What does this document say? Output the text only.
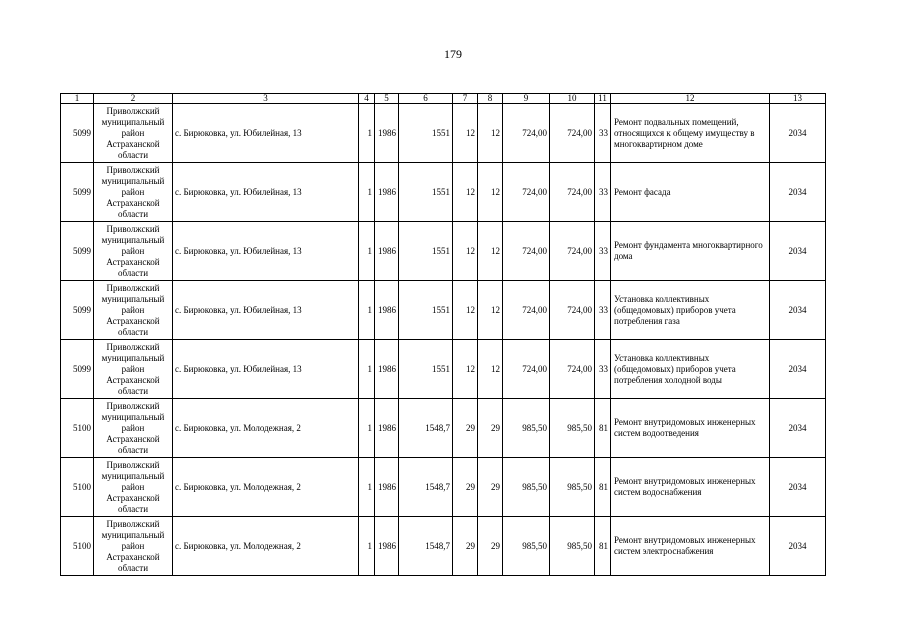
179
1	2	3	4	5	6	7	8	9	10	11	12	13
5099	Приволжский муниципальный район Астраханской области	с. Бирюковка, ул. Юбилейная, 13	1	1986	1551	12	12	724,00	724,00	33	Ремонт подвальных помещений, относящихся к общему имуществу в многоквартирном доме	2034
5099	Приволжский муниципальный район Астраханской области	с. Бирюковка, ул. Юбилейная, 13	1	1986	1551	12	12	724,00	724,00	33	Ремонт фасада	2034
5099	Приволжский муниципальный район Астраханской области	с. Бирюковка, ул. Юбилейная, 13	1	1986	1551	12	12	724,00	724,00	33	Ремонт фундамента многоквартирного дома	2034
5099	Приволжский муниципальный район Астраханской области	с. Бирюковка, ул. Юбилейная, 13	1	1986	1551	12	12	724,00	724,00	33	Установка коллективных (общедомовых) приборов учета потребления газа	2034
5099	Приволжский муниципальный район Астраханской области	с. Бирюковка, ул. Юбилейная, 13	1	1986	1551	12	12	724,00	724,00	33	Установка коллективных (общедомовых) приборов учета потребления холодной воды	2034
5100	Приволжский муниципальный район Астраханской области	с. Бирюковка, ул. Молодежная, 2	1	1986	1548,7	29	29	985,50	985,50	81	Ремонт внутридомовых инженерных систем водоотведения	2034
5100	Приволжский муниципальный район Астраханской области	с. Бирюковка, ул. Молодежная, 2	1	1986	1548,7	29	29	985,50	985,50	81	Ремонт внутридомовых инженерных систем водоснабжения	2034
5100	Приволжский муниципальный район Астраханской области	с. Бирюковка, ул. Молодежная, 2	1	1986	1548,7	29	29	985,50	985,50	81	Ремонт внутридомовых инженерных систем электроснабжения	2034
